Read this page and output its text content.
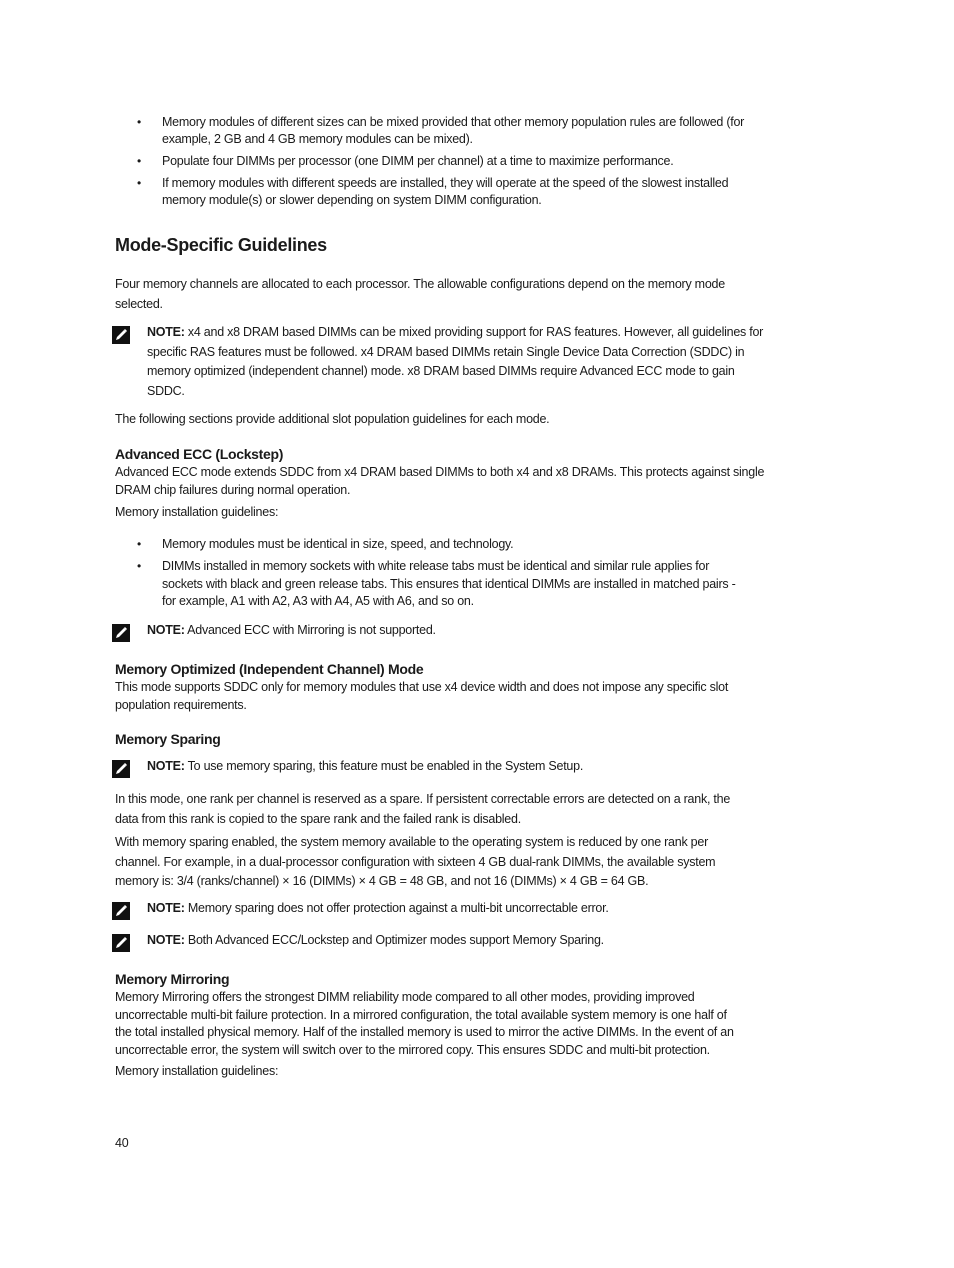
• Memory modules of different sizes can be mixed provided that other memory population rules are followed (for
example, 2 GB and 4 GB memory modules can be mixed).
• Populate four DIMMs per processor (one DIMM per channel) at a time to maximize performance.
• If memory modules with different speeds are installed, they will operate at the speed of the slowest installed
memory module(s) or slower depending on system DIMM configuration.
Mode-Specific Guidelines
Four memory channels are allocated to each processor. The allowable configurations depend on the memory mode
selected.
NOTE: x4 and x8 DRAM based DIMMs can be mixed providing support for RAS features. However, all guidelines for
specific RAS features must be followed. x4 DRAM based DIMMs retain Single Device Data Correction (SDDC) in
memory optimized (independent channel) mode. x8 DRAM based DIMMs require Advanced ECC mode to gain
SDDC.
The following sections provide additional slot population guidelines for each mode.
Advanced ECC (Lockstep)
Advanced ECC mode extends SDDC from x4 DRAM based DIMMs to both x4 and x8 DRAMs. This protects against single
DRAM chip failures during normal operation.
Memory installation guidelines:
• Memory modules must be identical in size, speed, and technology.
• DIMMs installed in memory sockets with white release tabs must be identical and similar rule applies for
sockets with black and green release tabs. This ensures that identical DIMMs are installed in matched pairs -
for example, A1 with A2, A3 with A4, A5 with A6, and so on.
NOTE: Advanced ECC with Mirroring is not supported.
Memory Optimized (Independent Channel) Mode
This mode supports SDDC only for memory modules that use x4 device width and does not impose any specific slot
population requirements.
Memory Sparing
NOTE: To use memory sparing, this feature must be enabled in the System Setup.
In this mode, one rank per channel is reserved as a spare. If persistent correctable errors are detected on a rank, the
data from this rank is copied to the spare rank and the failed rank is disabled.
With memory sparing enabled, the system memory available to the operating system is reduced by one rank per
channel. For example, in a dual-processor configuration with sixteen 4 GB dual-rank DIMMs, the available system
memory is: 3/4 (ranks/channel) × 16 (DIMMs) × 4 GB = 48 GB, and not 16 (DIMMs) × 4 GB = 64 GB.
NOTE: Memory sparing does not offer protection against a multi-bit uncorrectable error.
NOTE: Both Advanced ECC/Lockstep and Optimizer modes support Memory Sparing.
Memory Mirroring
Memory Mirroring offers the strongest DIMM reliability mode compared to all other modes, providing improved
uncorrectable multi-bit failure protection. In a mirrored configuration, the total available system memory is one half of
the total installed physical memory. Half of the installed memory is used to mirror the active DIMMs. In the event of an
uncorrectable error, the system will switch over to the mirrored copy. This ensures SDDC and multi-bit protection.
Memory installation guidelines:
40
